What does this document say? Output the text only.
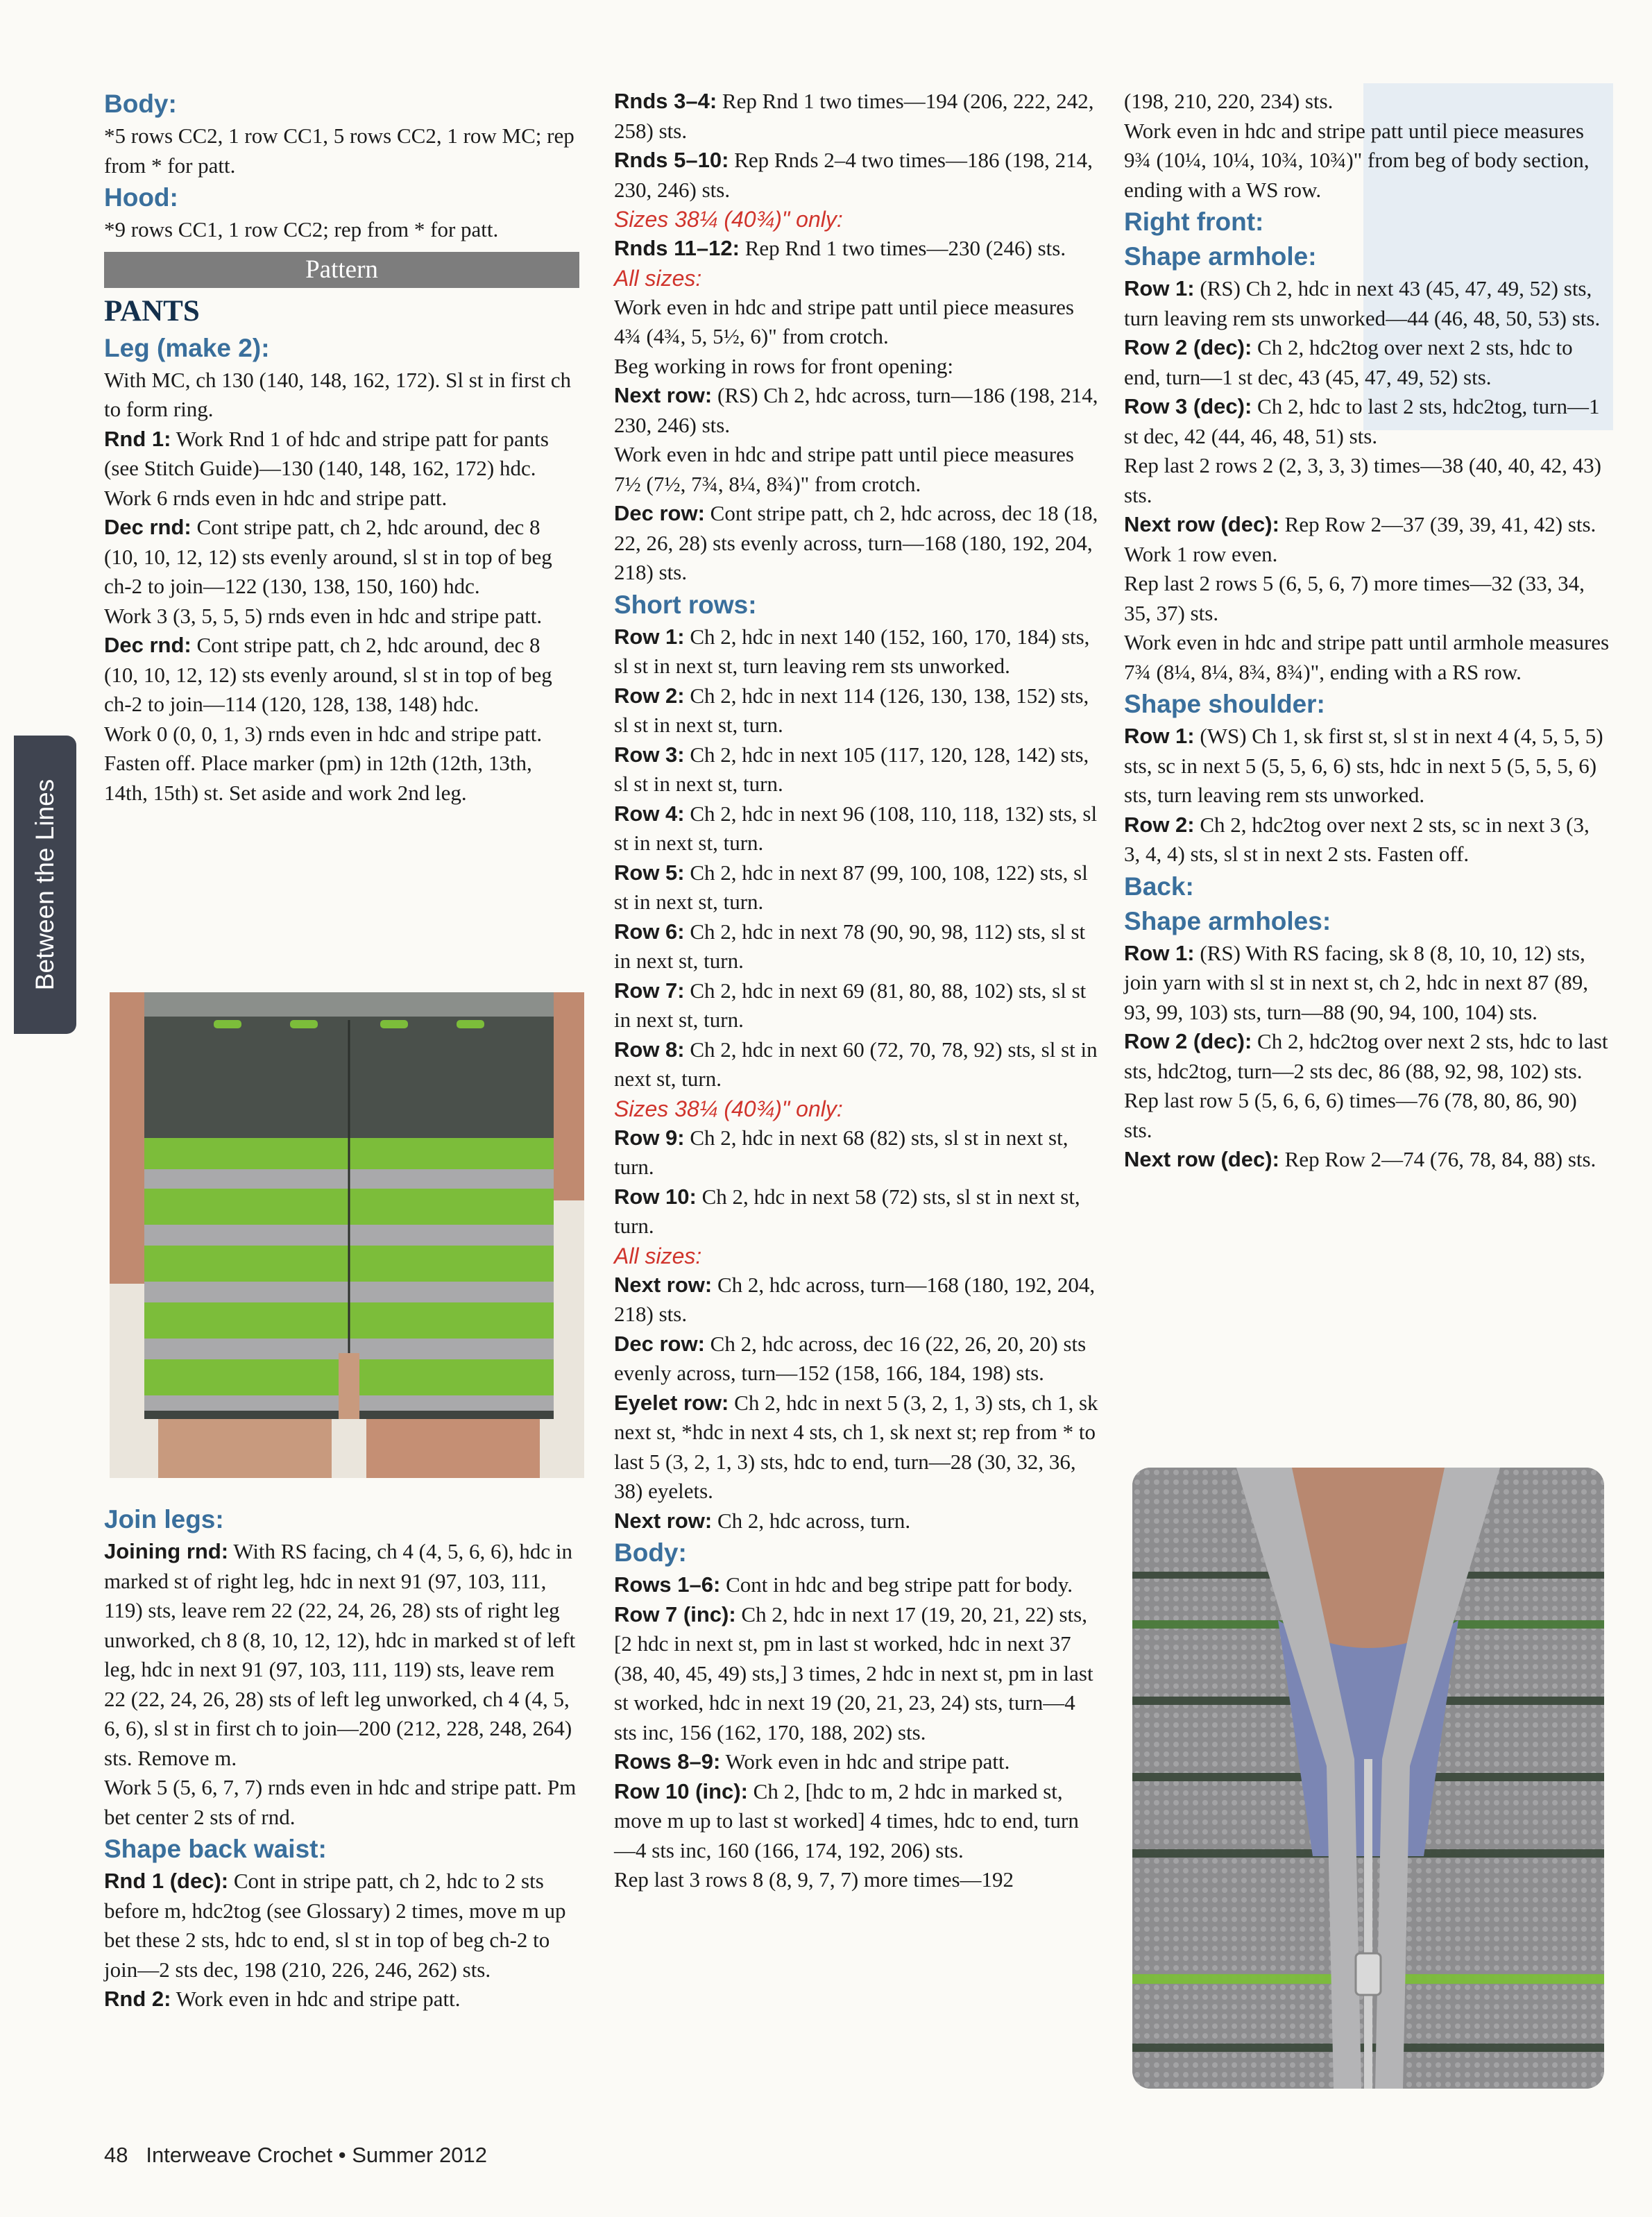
Between the Lines

Body:

*5 rows CC2, 1 row CC1, 5 rows CC2, 1 row MC; rep from * for patt.

Hood:

*9 rows CC1, 1 row CC2; rep from * for patt.

Pattern

PANTS

Leg (make 2):

With MC, ch 130 (140, 148, 162, 172). Sl st in first ch to form ring.

Rnd 1: Work Rnd 1 of hdc and stripe patt for pants (see Stitch Guide)—130 (140, 148, 162, 172) hdc.

Work 6 rnds even in hdc and stripe patt.

Dec rnd: Cont stripe patt, ch 2, hdc around, dec 8 (10, 10, 12, 12) sts evenly around, sl st in top of beg ch-2 to join—122 (130, 138, 150, 160) hdc.

Work 3 (3, 5, 5, 5) rnds even in hdc and stripe patt.

Dec rnd: Cont stripe patt, ch 2, hdc around, dec 8 (10, 10, 12, 12) sts evenly around, sl st in top of beg ch-2 to join—114 (120, 128, 138, 148) hdc.

Work 0 (0, 0, 1, 3) rnds even in hdc and stripe patt. Fasten off. Place marker (pm) in 12th (12th, 13th, 14th, 15th) st. Set aside and work 2nd leg.

Join legs:

Joining rnd: With RS facing, ch 4 (4, 5, 6, 6), hdc in marked st of right leg, hdc in next 91 (97, 103, 111, 119) sts, leave rem 22 (22, 24, 26, 28) sts of right leg unworked, ch 8 (8, 10, 12, 12), hdc in marked st of left leg, hdc in next 91 (97, 103, 111, 119) sts, leave rem 22 (22, 24, 26, 28) sts of left leg unworked, ch 4 (4, 5, 6, 6), sl st in first ch to join—200 (212, 228, 248, 264) sts. Remove m.

Work 5 (5, 6, 7, 7) rnds even in hdc and stripe patt. Pm bet center 2 sts of rnd.

Shape back waist:

Rnd 1 (dec): Cont in stripe patt, ch 2, hdc to 2 sts before m, hdc2tog (see Glossary) 2 times, move m up bet these 2 sts, hdc to end, sl st in top of beg ch-2 to join—2 sts dec, 198 (210, 226, 246, 262) sts.

Rnd 2: Work even in hdc and stripe patt.

Rnds 3–4: Rep Rnd 1 two times—194 (206, 222, 242, 258) sts.

Rnds 5–10: Rep Rnds 2–4 two times—186 (198, 214, 230, 246) sts.

Sizes 38¼ (40¾)" only:

Rnds 11–12: Rep Rnd 1 two times—230 (246) sts.

All sizes:

Work even in hdc and stripe patt until piece measures 4¾ (4¾, 5, 5½, 6)" from crotch.

Beg working in rows for front opening:

Next row: (RS) Ch 2, hdc across, turn—186 (198, 214, 230, 246) sts.

Work even in hdc and stripe patt until piece measures 7½ (7½, 7¾, 8¼, 8¾)" from crotch.

Dec row: Cont stripe patt, ch 2, hdc across, dec 18 (18, 22, 26, 28) sts evenly across, turn—168 (180, 192, 204, 218) sts.

Short rows:

Row 1: Ch 2, hdc in next 140 (152, 160, 170, 184) sts, sl st in next st, turn leaving rem sts unworked.

Row 2: Ch 2, hdc in next 114 (126, 130, 138, 152) sts, sl st in next st, turn.

Row 3: Ch 2, hdc in next 105 (117, 120, 128, 142) sts, sl st in next st, turn.

Row 4: Ch 2, hdc in next 96 (108, 110, 118, 132) sts, sl st in next st, turn.

Row 5: Ch 2, hdc in next 87 (99, 100, 108, 122) sts, sl st in next st, turn.

Row 6: Ch 2, hdc in next 78 (90, 90, 98, 112) sts, sl st in next st, turn.

Row 7: Ch 2, hdc in next 69 (81, 80, 88, 102) sts, sl st in next st, turn.

Row 8: Ch 2, hdc in next 60 (72, 70, 78, 92) sts, sl st in next st, turn.

Sizes 38¼ (40¾)" only:

Row 9: Ch 2, hdc in next 68 (82) sts, sl st in next st, turn.

Row 10: Ch 2, hdc in next 58 (72) sts, sl st in next st, turn.

All sizes:

Next row: Ch 2, hdc across, turn—168 (180, 192, 204, 218) sts.

Dec row: Ch 2, hdc across, dec 16 (22, 26, 20, 20) sts evenly across, turn—152 (158, 166, 184, 198) sts.

Eyelet row: Ch 2, hdc in next 5 (3, 2, 1, 3) sts, ch 1, sk next st, *hdc in next 4 sts, ch 1, sk next st; rep from * to last 5 (3, 2, 1, 3) sts, hdc to end, turn—28 (30, 32, 36, 38) eyelets.

Next row: Ch 2, hdc across, turn.

Body:

Rows 1–6: Cont in hdc and beg stripe patt for body.

Row 7 (inc): Ch 2, hdc in next 17 (19, 20, 21, 22) sts, [2 hdc in next st, pm in last st worked, hdc in next 37 (38, 40, 45, 49) sts,] 3 times, 2 hdc in next st, pm in last st worked, hdc in next 19 (20, 21, 23, 24) sts, turn—4 sts inc, 156 (162, 170, 188, 202) sts.

Rows 8–9: Work even in hdc and stripe patt.

Row 10 (inc): Ch 2, [hdc to m, 2 hdc in marked st, move m up to last st worked] 4 times, hdc to end, turn—4 sts inc, 160 (166, 174, 192, 206) sts.

Rep last 3 rows 8 (8, 9, 7, 7) more times—192

(198, 210, 220, 234) sts.

Work even in hdc and stripe patt until piece measures 9¾ (10¼, 10¼, 10¾, 10¾)" from beg of body section, ending with a WS row.

Right front:

Shape armhole:

Row 1: (RS) Ch 2, hdc in next 43 (45, 47, 49, 52) sts, turn leaving rem sts unworked—44 (46, 48, 50, 53) sts.

Row 2 (dec): Ch 2, hdc2tog over next 2 sts, hdc to end, turn—1 st dec, 43 (45, 47, 49, 52) sts.

Row 3 (dec): Ch 2, hdc to last 2 sts, hdc2tog, turn—1 st dec, 42 (44, 46, 48, 51) sts.

Rep last 2 rows 2 (2, 3, 3, 3) times—38 (40, 40, 42, 43) sts.

Next row (dec): Rep Row 2—37 (39, 39, 41, 42) sts.

Work 1 row even.

Rep last 2 rows 5 (6, 5, 6, 7) more times—32 (33, 34, 35, 37) sts.

Work even in hdc and stripe patt until armhole measures 7¾ (8¼, 8¼, 8¾, 8¾)", ending with a RS row.

Shape shoulder:

Row 1: (WS) Ch 1, sk first st, sl st in next 4 (4, 5, 5, 5) sts, sc in next 5 (5, 5, 6, 6) sts, hdc in next 5 (5, 5, 5, 6) sts, turn leaving rem sts unworked.

Row 2: Ch 2, hdc2tog over next 2 sts, sc in next 3 (3, 3, 4, 4) sts, sl st in next 2 sts. Fasten off.

Back:

Shape armholes:

Row 1: (RS) With RS facing, sk 8 (8, 10, 10, 12) sts, join yarn with sl st in next st, ch 2, hdc in next 87 (89, 93, 99, 103) sts, turn—88 (90, 94, 100, 104) sts.

Row 2 (dec): Ch 2, hdc2tog over next 2 sts, hdc to last sts, hdc2tog, turn—2 sts dec, 86 (88, 92, 98, 102) sts.

Rep last row 5 (5, 6, 6, 6) times—76 (78, 80, 86, 90) sts.

Next row (dec): Rep Row 2—74 (76, 78, 84, 88) sts.

48 Interweave Crochet • Summer 2012
